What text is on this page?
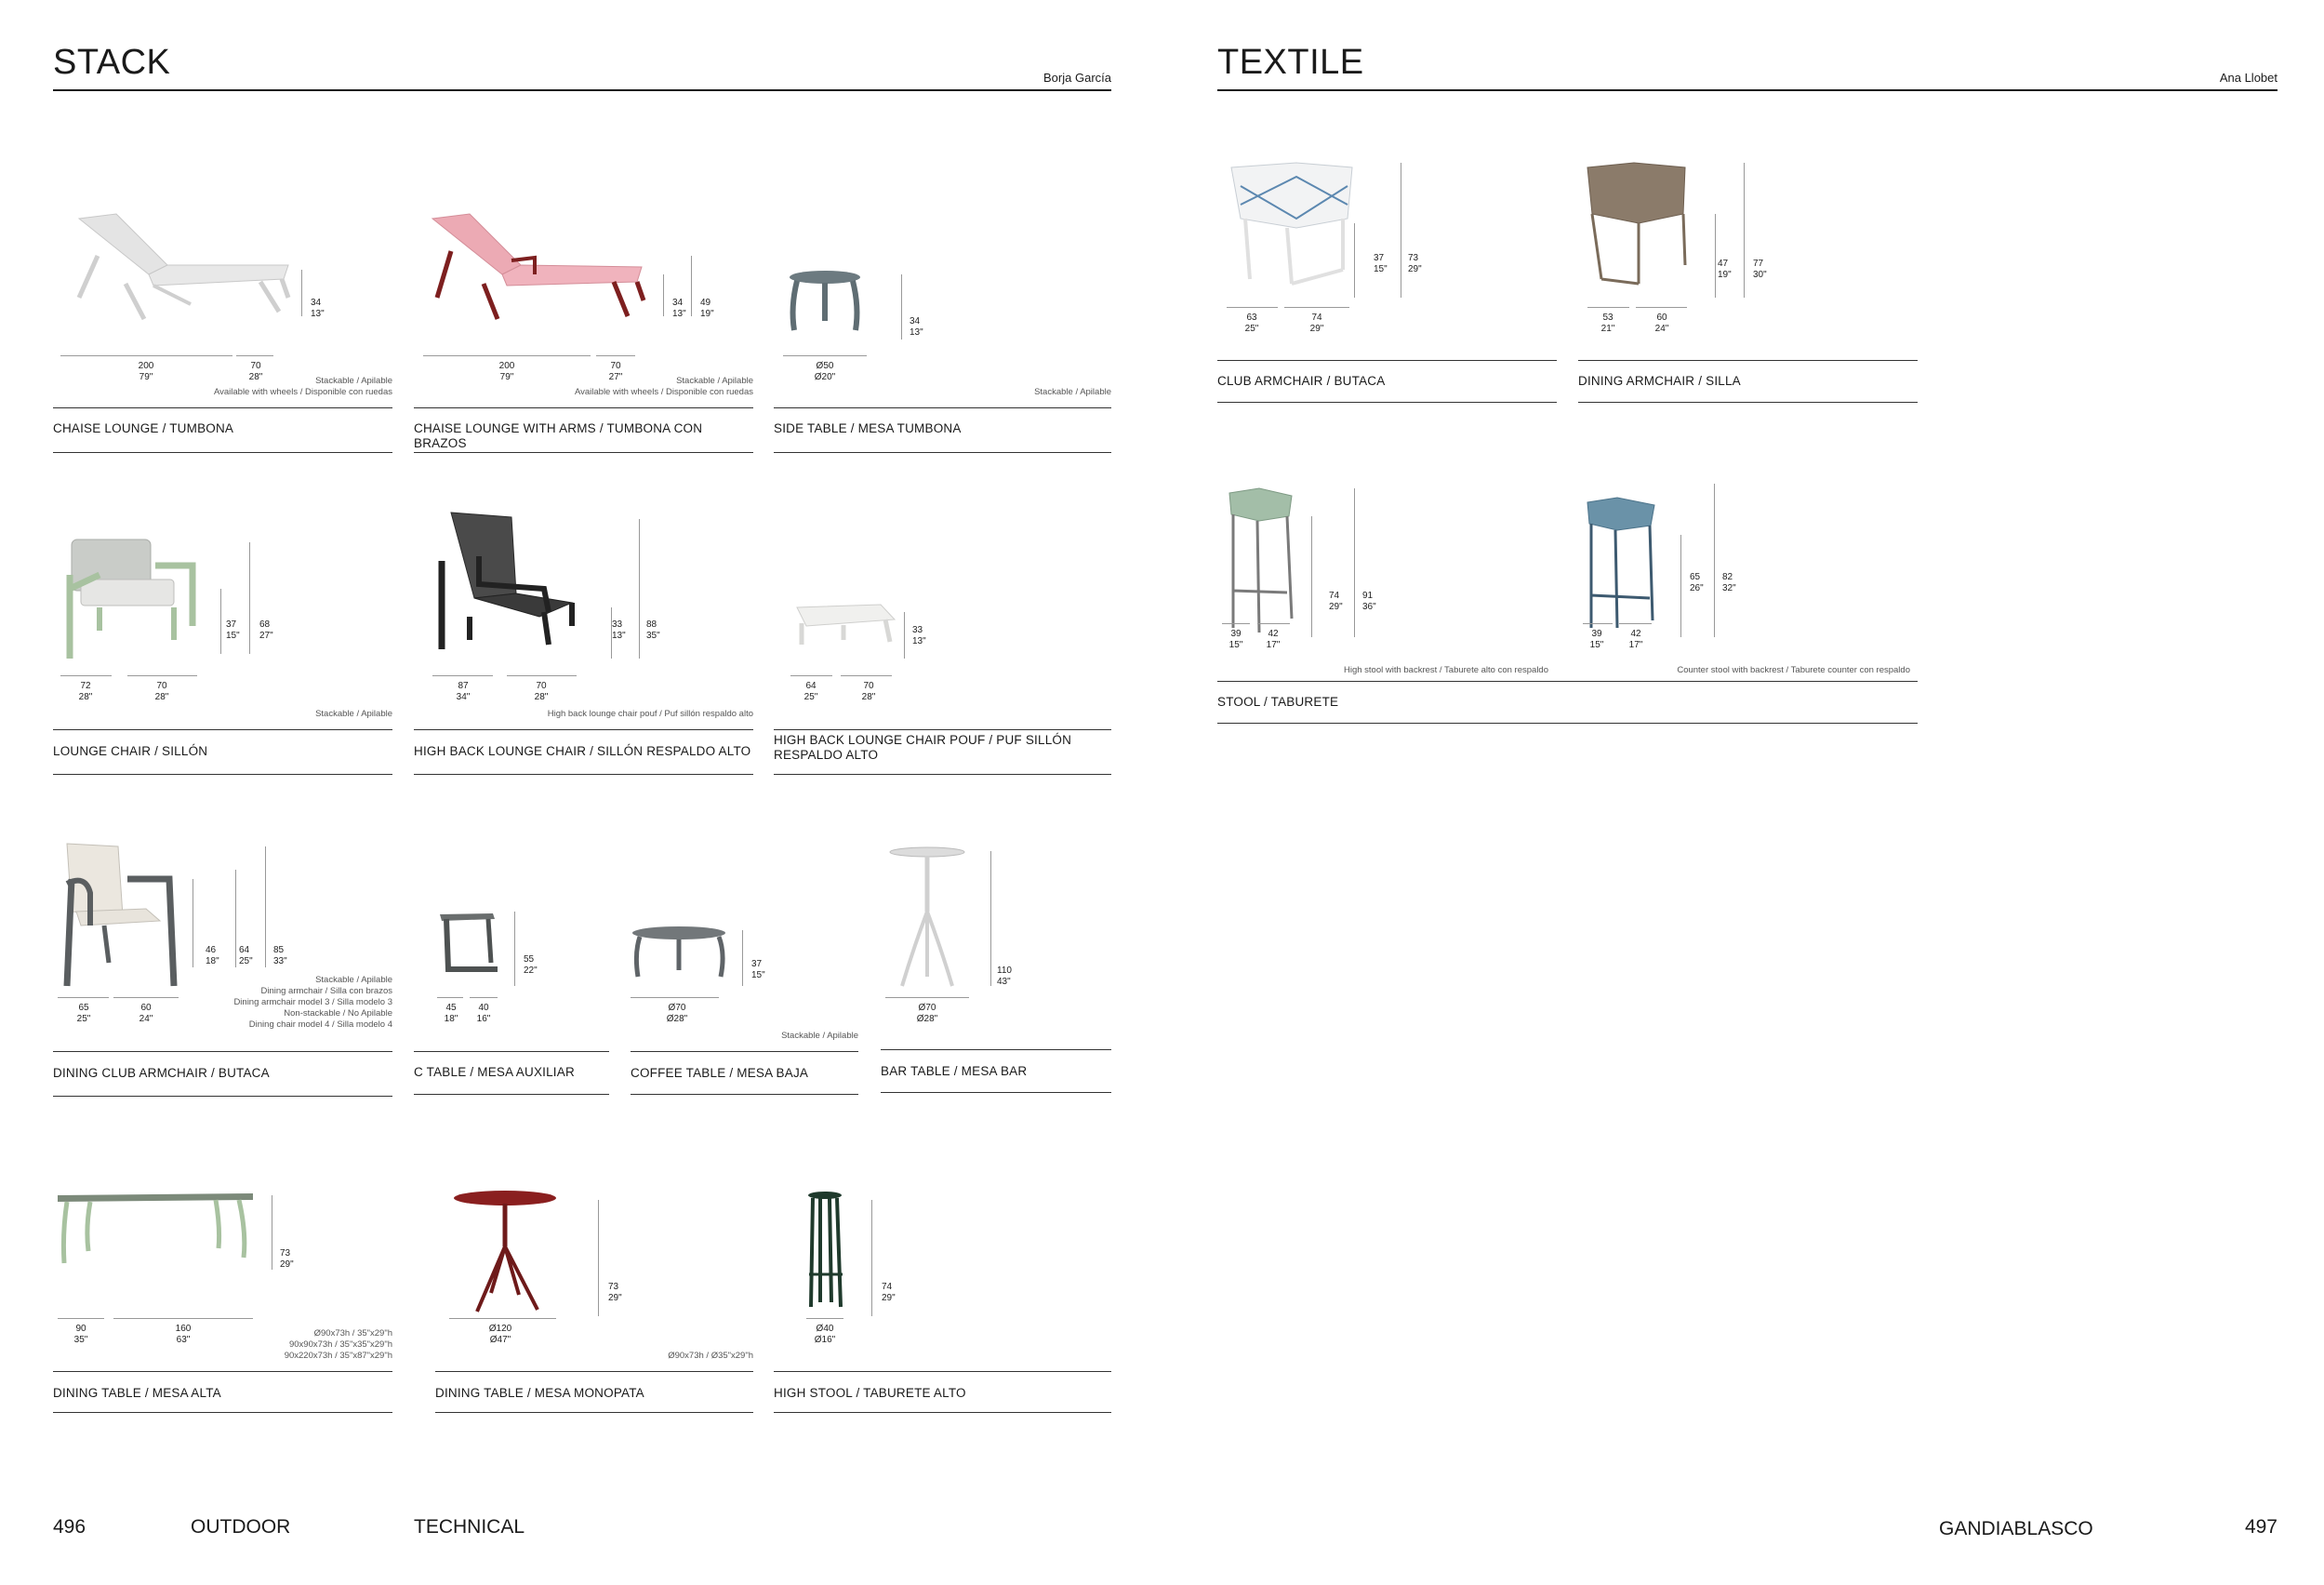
STACK	Borja García	TEXTILE	Ana Llobet
34
13"
200
79"
70
28"	Stackable / Apilable
Available with wheels / Disponible con ruedas
CHAISE LOUNGE / TUMBONA
34
13"
49
19"
200
79"
70
27"	Stackable / Apilable
Available with wheels / Disponible con ruedas
CHAISE LOUNGE WITH ARMS / TUMBONA CON BRAZOS
34
13"
Ø50
Ø20"
Stackable / Apilable
SIDE TABLE / MESA TUMBONA
37
15"
68
27"
72
28"
70
28"
Stackable / Apilable
LOUNGE CHAIR / SILLÓN
33
13"
88
35"
87
34"
70
28"
High back lounge chair pouf / Puf sillón respaldo alto
HIGH BACK LOUNGE CHAIR / SILLÓN RESPALDO ALTO
33
13"
64
25"
70
28"
HIGH BACK LOUNGE CHAIR POUF / PUF SILLÓN RESPALDO ALTO
46
18"
64
25"
85
33"
65
25"
60
24"
Stackable / Apilable
Dining armchair / Silla con brazos
Dining armchair model 3 / Silla modelo 3
Non-stackable / No Apilable
Dining chair model 4 / Silla modelo 4
DINING CLUB ARMCHAIR / BUTACA
55
22"
45
18"
40
16"
C TABLE / MESA AUXILIAR
37
15"
Ø70
Ø28"
Stackable / Apilable
COFFEE TABLE / MESA BAJA
110
43"
Ø70
Ø28"
BAR TABLE / MESA BAR
73
29"
90
35"
160
63"
Ø90x73h / 35"x29"h
90x90x73h / 35"x35"x29"h
90x220x73h / 35"x87"x29"h
DINING TABLE / MESA ALTA
73
29"
Ø120
Ø47"
Ø90x73h / Ø35"x29"h
DINING TABLE / MESA MONOPATA
74
29"
Ø40
Ø16"
HIGH STOOL / TABURETE ALTO
37
15"
73
29"
63
25"
74
29"
CLUB ARMCHAIR / BUTACA
47
19"
77
30"
53
21"
60
24"
DINING ARMCHAIR / SILLA
74
29"
91
36"
39
15"
42
17"
High stool with backrest / Taburete alto con respaldo
65
26"
82
32"
39
15"
42
17"
Counter stool with backrest / Taburete counter con respaldo
STOOL / TABURETE
496	OUTDOOR	TECHNICAL	GANDIABLASCO	497
